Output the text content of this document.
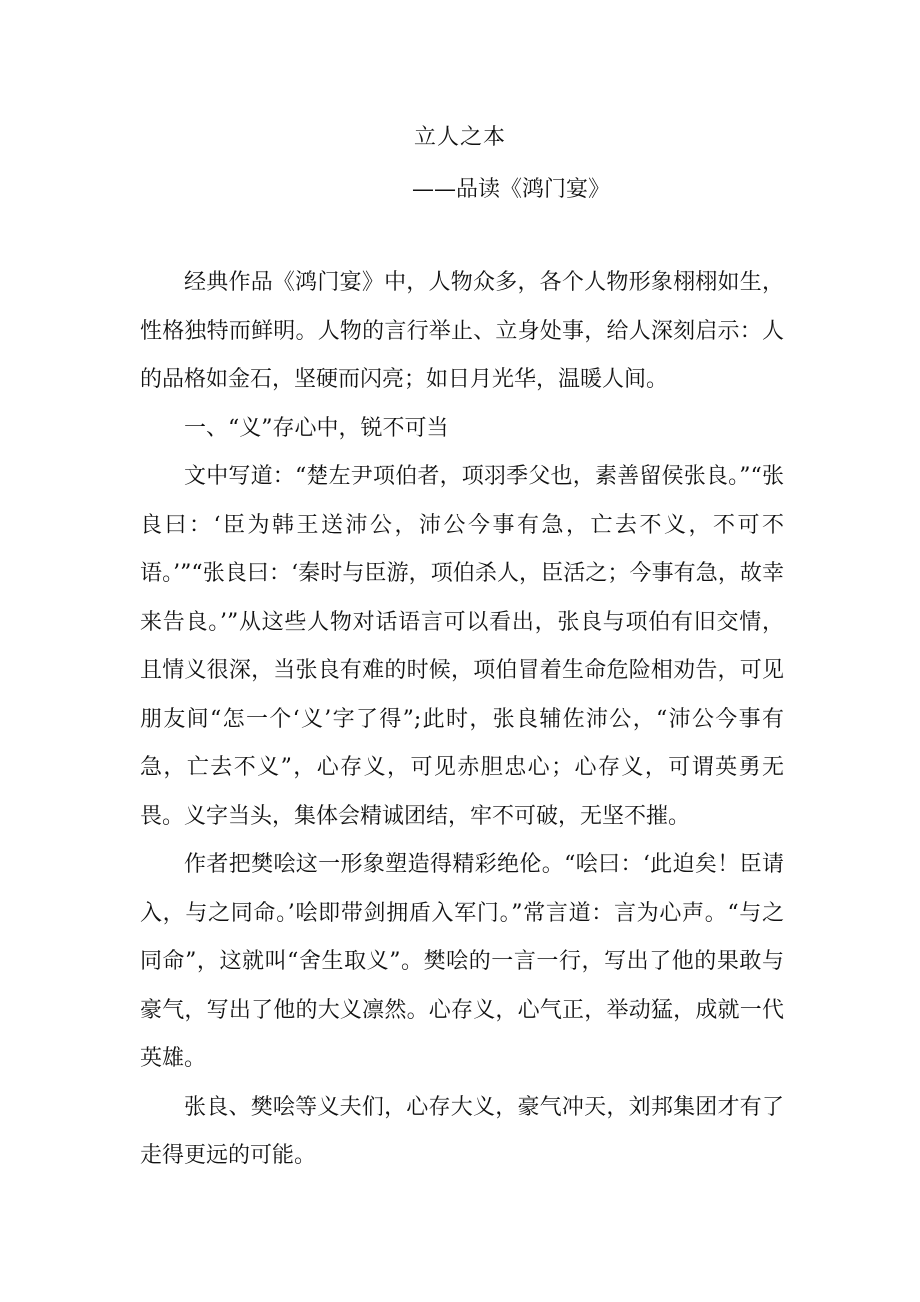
立人之本
——品读《鸿门宴》

经典作品《鸿门宴》中，人物众多，各个人物形象栩栩如生，性格独特而鲜明。人物的言行举止、立身处事，给人深刻启示：人的品格如金石，坚硬而闪亮；如日月光华，温暖人间。

一、“义”存心中，锐不可当

文中写道：“楚左尹项伯者，项羽季父也，素善留侯张良。”“张良曰：‘臣为韩王送沛公，沛公今事有急，亡去不义，不可不语。’”“张良曰：‘秦时与臣游，项伯杀人，臣活之；今事有急，故幸来告良。’”从这些人物对话语言可以看出，张良与项伯有旧交情，且情义很深，当张良有难的时候，项伯冒着生命危险相劝告，可见朋友间“怎一个‘义’字了得”;此时，张良辅佐沛公，“沛公今事有急，亡去不义”，心存义，可见赤胆忠心；心存义，可谓英勇无畏。义字当头，集体会精诚团结，牢不可破，无坚不摧。

作者把樊哙这一形象塑造得精彩绝伦。“哙曰：‘此迫矣！臣请入，与之同命。’哙即带剑拥盾入军门。”常言道：言为心声。“与之同命”，这就叫“舍生取义”。樊哙的一言一行，写出了他的果敢与豪气，写出了他的大义凛然。心存义，心气正，举动猛，成就一代英雄。

张良、樊哙等义夫们，心存大义，豪气冲天，刘邦集团才有了走得更远的可能。
